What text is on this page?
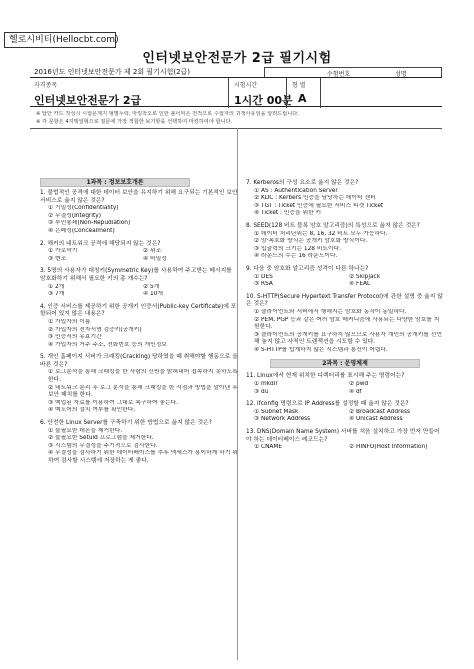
헬로시비티(Hellocbt.com)
인터넷보안전문가 2급 필기시험
2016년도 인터넷보안전문가 제 2회 필기시험(2급)	수험번호	성명
자격종목
인터넷보안전문가 2급
시험시간
1시간 00분
형 별
A
※ 답안 카드 작성시 시험문제지 형별누락, 마킹착오로 인한 불이익은 전적으로 수험자의 귀책사유임을 알려드립니다.
※ 각 문항은 4지택일형으로 질문에 가장 적합한 보기항을 선택하여 마킹하여야 합니다.
1과목 : 정보보호개론
1. 불법적인 공격에 대한 데이터 보안을 유지하기 위해 요구되는 기본적인 보안 서비스로 옳지 않은 것은?
① 기밀성(Confidentiality)
② 무결성(Integrity)
③ 부인봉쇄(Non-Repudiation)
④ 은폐성(Concealment)
2. 해커의 네트워크 공격에 해당되지 않는 것은?
① 가로막기	② 위조
③ 변조	④ 비밀성
3. 5명의 사용자가 대칭키(Symmetric Key)를 사용하여 주고받는 메시지를 암호화하기 위해서 필요한 키의 총 개수는?
① 2개	② 5개
③ 7개	④ 10개
4. 인증 서비스를 제공하기 위한 공개키 인증서(Public-key Certificate)에 포함되어 있지 않은 내용은?
① 가입자의 이름
② 가입자의 전자서명 검증키(공개키)
③ 인증서의 유효기간
④ 가입자의 거주 주소, 전화번호 등의 개인정보
5. 개인 홈페이지 서버가 크래킹(Cracking) 당하였을 때 취해야할 행동으로 올바른 것은?
① 로그분석을 통해 크래킹을 한 사람의 신원을 밝혀내어 접속하지 못하도록 한다.
② 네트워크 분리 후 로그 분석을 통해 크래킹을 한 시점과 방법을 알아낸 후 보안 패치를 한다.
③ 백업된 자료를 이용하여 그대로 복구하여 놓는다.
④ 백도어의 설치 여부를 확인한다.
6. 안전한 Linux Server를 구축하기 위한 방법으로 옳지 않은 것은?
① 불필요한 데몬을 제거한다.
② 불필요한 Setuid 프로그램을 제거한다.
③ 시스템의 무결성을 주기적으로 검사한다.
④ 무결성을 검사하기 위한 데이터베이스를 추후 액세스가 용이하게 하기 위하여 검사할 시스템에 저장하는 게 좋다.
7. Kerberos의 구성 요소로 옳지 않은 것은?
① AS : Authentication Server
② KDC : Kerbers 인증을 담당하는 데이터 센터
③ TGT : Ticket 인증에 필요한 서비스 티켓 Ticket
④ Ticket : 인증을 위한 키
8. SEED(128 비트 블록 암호 알고리즘)의 특성으로 옳지 않은 것은?
① 데이터 처리단위는 8, 16, 32 비트 모두 가능하다.
② 암·복호화 방식은 공개키 암호화 방식이다.
③ 입출력의 크기는 128 비트이다.
④ 라운드의 수는 16 라운드이다.
9. 다음 중 암호화 알고리즘 성격이 다른 하나는?
① DES	② Skipjack
③ RSA	④ FEAL
10. S-HTTP(Secure Hypertext Transfer Protocol)에 관한 설명 중 옳지 않은 것은?
① 클라이언트와 서버에서 행해지는 암호화 동작이 동일하다.
② PEM, PGP 등과 같은 여러 암호 메커니즘에 사용되는 다양한 암호를 지원한다.
③ 클라이언트의 공개키를 요구하지 않으므로 사용자 개인의 공개키를 선언해 놓지 않고 사적인 트랜잭션을 시도할 수 있다.
④ S-HTTP를 탑재하지 않은 시스템과 통신이 어렵다.
2과목 : 운영체제
11. Linux에서 현재 위치한 디렉터리를 표시해 주는 명령어는?
① mkdir	② pwd
③ du	④ df
12. ifconfig 명령으로 IP Address를 설정할 때 옳지 않은 것은?
① Subnet Mask	② Broadcast Address
③ Network Address	④ Unicast Address
13. DNS(Domain Name System) 서버를 처음 설치하고 가장 먼저 만들어야 하는 데이터베이스 레코드는?
① CNAME	② HINFO(Host Information)
